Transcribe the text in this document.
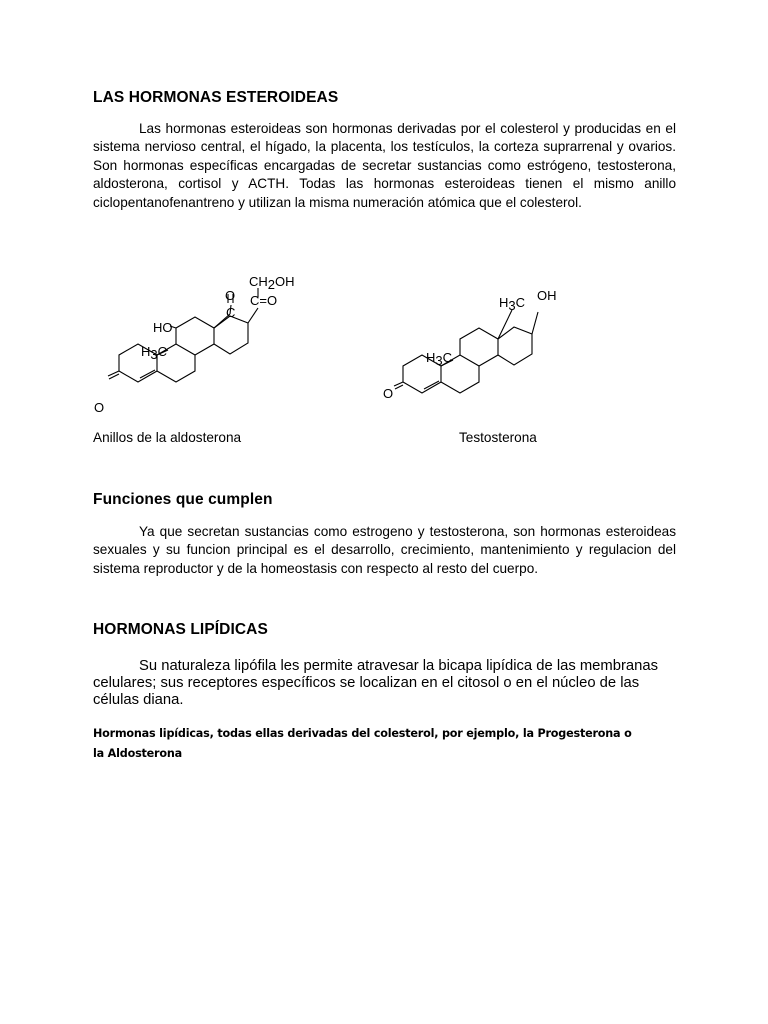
LAS HORMONAS ESTEROIDEAS

Las hormonas esteroideas son hormonas derivadas por el colesterol y producidas en el sistema nervioso central, el hígado, la placenta, los testículos, la corteza suprarrenal y ovarios. Son hormonas específicas encargadas de secretar sustancias como estrógeno, testosterona, aldosterona, cortisol y ACTH. Todas las hormonas esteroideas tienen el mismo anillo ciclopentanofenantreno y utilizan la misma numeración atómica que el colesterol.

HO
H3C
O
O
C
CH2OH
C=O
H3C
H3C OH
O

Anillos de la aldosterona	Testosterona

Funciones que cumplen

Ya que secretan sustancias como estrogeno y testosterona, son hormonas esteroideas sexuales y su funcion principal es el desarrollo, crecimiento, mantenimiento y regulacion del sistema reproductor y de la homeostasis con respecto al resto del cuerpo.

HORMONAS LIPÍDICAS

Su naturaleza lipófila les permite atravesar la bicapa lipídica de las membranas celulares; sus receptores específicos se localizan en el citosol o en el núcleo de las células diana.

Hormonas lipídicas, todas ellas derivadas del colesterol, por ejemplo, la Progesterona o la Aldosterona
